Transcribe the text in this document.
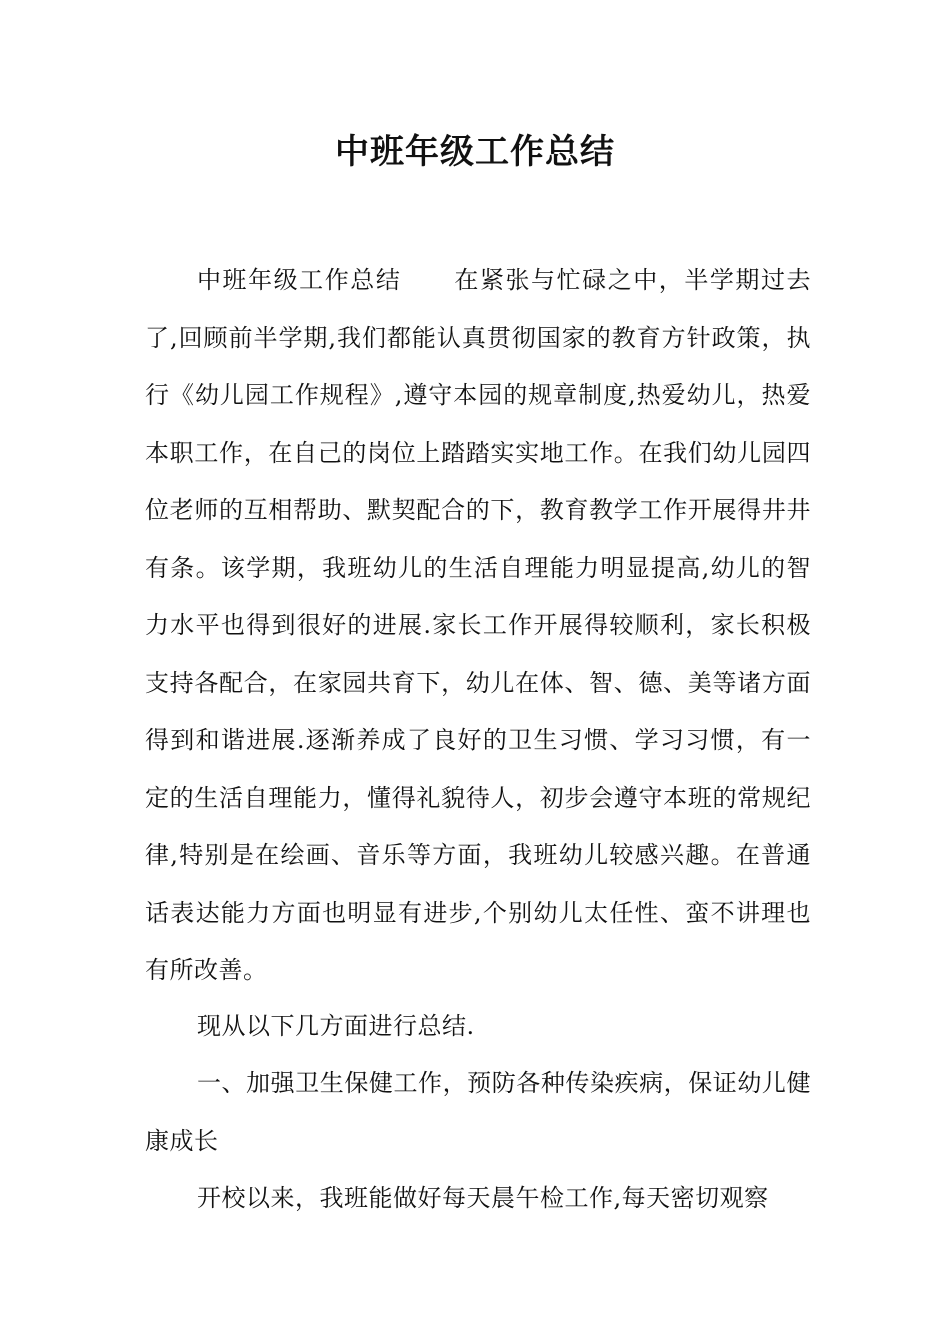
中班年级工作总结

中班年级工作总结 在紧张与忙碌之中，半学期过去了,回顾前半学期,我们都能认真贯彻国家的教育方针政策，执行《幼儿园工作规程》,遵守本园的规章制度,热爱幼儿，热爱本职工作，在自己的岗位上踏踏实实地工作。在我们幼儿园四位老师的互相帮助、默契配合的下，教育教学工作开展得井井有条。该学期，我班幼儿的生活自理能力明显提高,幼儿的智力水平也得到很好的进展.家长工作开展得较顺利，家长积极支持各配合，在家园共育下，幼儿在体、智、德、美等诸方面得到和谐进展.逐渐养成了良好的卫生习惯、学习习惯，有一定的生活自理能力，懂得礼貌待人，初步会遵守本班的常规纪律,特别是在绘画、音乐等方面，我班幼儿较感兴趣。在普通话表达能力方面也明显有进步,个别幼儿太任性、蛮不讲理也有所改善。

现从以下几方面进行总结.

一、加强卫生保健工作，预防各种传染疾病，保证幼儿健康成长

开校以来，我班能做好每天晨午检工作,每天密切观察
